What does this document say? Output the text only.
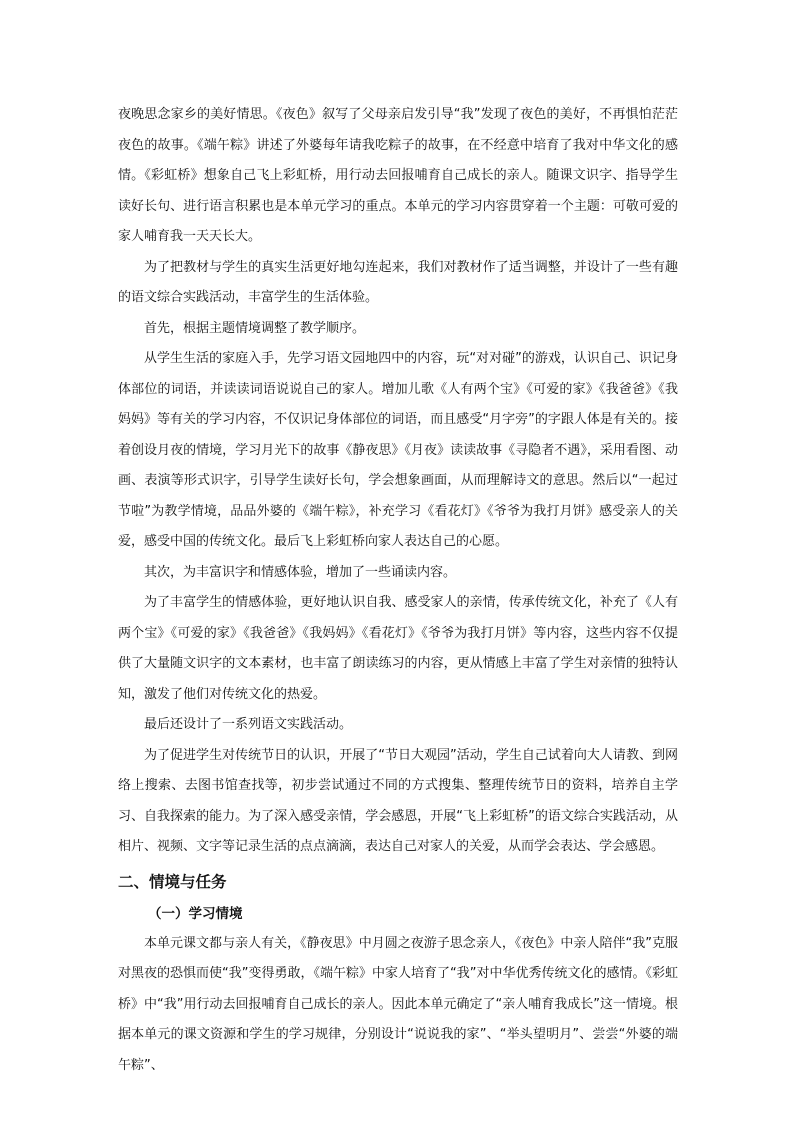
夜晚思念家乡的美好情思。《夜色》叙写了父母亲启发引导“我”发现了夜色的美好，不再惧怕茫茫夜色的故事。《端午粽》讲述了外婆每年请我吃粽子的故事，在不经意中培育了我对中华文化的感情。《彩虹桥》想象自己飞上彩虹桥，用行动去回报哺育自己成长的亲人。随课文识字、指导学生读好长句、进行语言积累也是本单元学习的重点。本单元的学习内容贯穿着一个主题：可敬可爱的家人哺育我一天天长大。

为了把教材与学生的真实生活更好地勾连起来，我们对教材作了适当调整，并设计了一些有趣的语文综合实践活动，丰富学生的生活体验。

首先，根据主题情境调整了教学顺序。

从学生生活的家庭入手，先学习语文园地四中的内容，玩“对对碰”的游戏，认识自己、识记身体部位的词语，并读读词语说说自己的家人。增加儿歌《人有两个宝》《可爱的家》《我爸爸》《我妈妈》等有关的学习内容，不仅识记身体部位的词语，而且感受“月字旁”的字跟人体是有关的。接着创设月夜的情境，学习月光下的故事《静夜思》《月夜》读读故事《寻隐者不遇》，采用看图、动画、表演等形式识字，引导学生读好长句，学会想象画面，从而理解诗文的意思。然后以“一起过节啦”为教学情境，品品外婆的《端午粽》，补充学习《看花灯》《爷爷为我打月饼》感受亲人的关爱，感受中国的传统文化。最后飞上彩虹桥向家人表达自己的心愿。

其次，为丰富识字和情感体验，增加了一些诵读内容。

为了丰富学生的情感体验，更好地认识自我、感受家人的亲情，传承传统文化，补充了《人有两个宝》《可爱的家》《我爸爸》《我妈妈》《看花灯》《爷爷为我打月饼》等内容，这些内容不仅提供了大量随文识字的文本素材，也丰富了朗读练习的内容，更从情感上丰富了学生对亲情的独特认知，激发了他们对传统文化的热爱。

最后还设计了一系列语文实践活动。

为了促进学生对传统节日的认识，开展了“节日大观园”活动，学生自己试着向大人请教、到网络上搜索、去图书馆查找等，初步尝试通过不同的方式搜集、整理传统节日的资料，培养自主学习、自我探索的能力。为了深入感受亲情，学会感恩，开展“飞上彩虹桥”的语文综合实践活动，从相片、视频、文字等记录生活的点点滴滴，表达自己对家人的关爱，从而学会表达、学会感恩。

二、情境与任务
（一）学习情境

本单元课文都与亲人有关，《静夜思》中月圆之夜游子思念亲人，《夜色》中亲人陪伴“我”克服对黑夜的恐惧而使“我”变得勇敢，《端午粽》中家人培育了“我”对中华优秀传统文化的感情。《彩虹桥》中“我”用行动去回报哺育自己成长的亲人。因此本单元确定了“亲人哺育我成长”这一情境。根据本单元的课文资源和学生的学习规律，分别设计“说说我的家”、“举头望明月”、尝尝“外婆的端午粽”、
